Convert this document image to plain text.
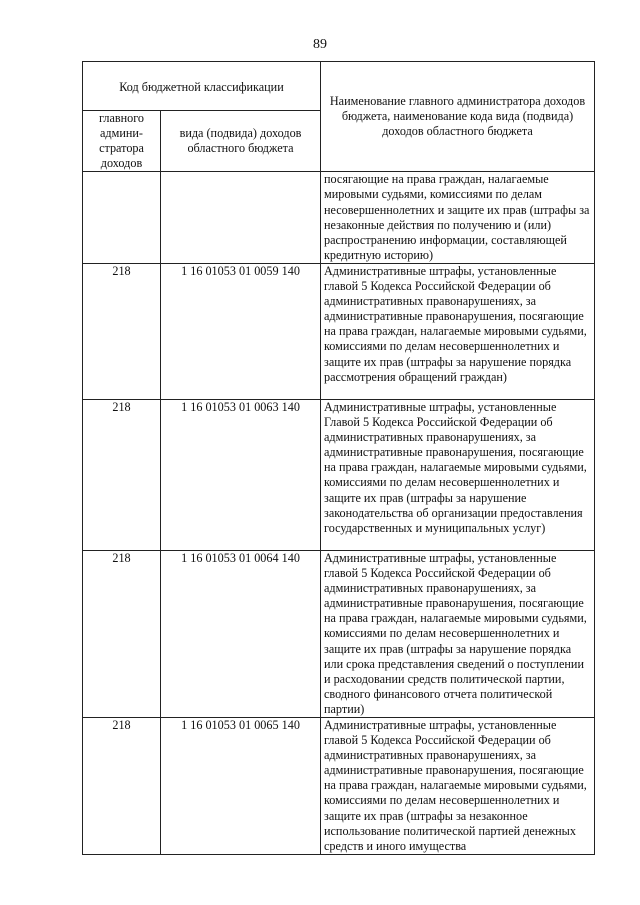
89
Код бюджетной классификации		Наименование главного администратора доходов бюджета, наименование кода вида (подвида) доходов областного бюджета
главного админи-стратора доходов	вида (подвида) доходов областного бюджета	
		посягающие на права граждан, налагаемые мировыми судьями, комиссиями по делам несовершеннолетних и защите их прав (штрафы за незаконные действия по получению и (или) распространению информации, составляющей кредитную историю)
218	1 16 01053 01 0059 140	Административные штрафы, установленные главой 5 Кодекса Российской Федерации об административных правонарушениях, за административные правонарушения, посягающие на права граждан, налагаемые мировыми судьями, комиссиями по делам несовершеннолетних и защите их прав (штрафы за нарушение порядка рассмотрения обращений граждан)
218	1 16 01053 01 0063 140	Административные штрафы, установленные Главой 5 Кодекса Российской Федерации об административных правонарушениях, за административные правонарушения, посягающие на права граждан, налагаемые мировыми судьями, комиссиями по делам несовершеннолетних и защите их прав (штрафы за нарушение законодательства об организации предоставления государственных и муниципальных услуг)
218	1 16 01053 01 0064 140	Административные штрафы, установленные главой 5 Кодекса Российской Федерации об административных правонарушениях, за административные правонарушения, посягающие на права граждан, налагаемые мировыми судьями, комиссиями по делам несовершеннолетних и защите их прав (штрафы за нарушение порядка или срока представления сведений о поступлении и расходовании средств политической партии, сводного финансового отчета политической партии)
218	1 16 01053 01 0065 140	Административные штрафы, установленные главой 5 Кодекса Российской Федерации об административных правонарушениях, за административные правонарушения, посягающие на права граждан, налагаемые мировыми судьями, комиссиями по делам несовершеннолетних и защите их прав (штрафы за незаконное использование политической партией денежных средств и иного имущества
